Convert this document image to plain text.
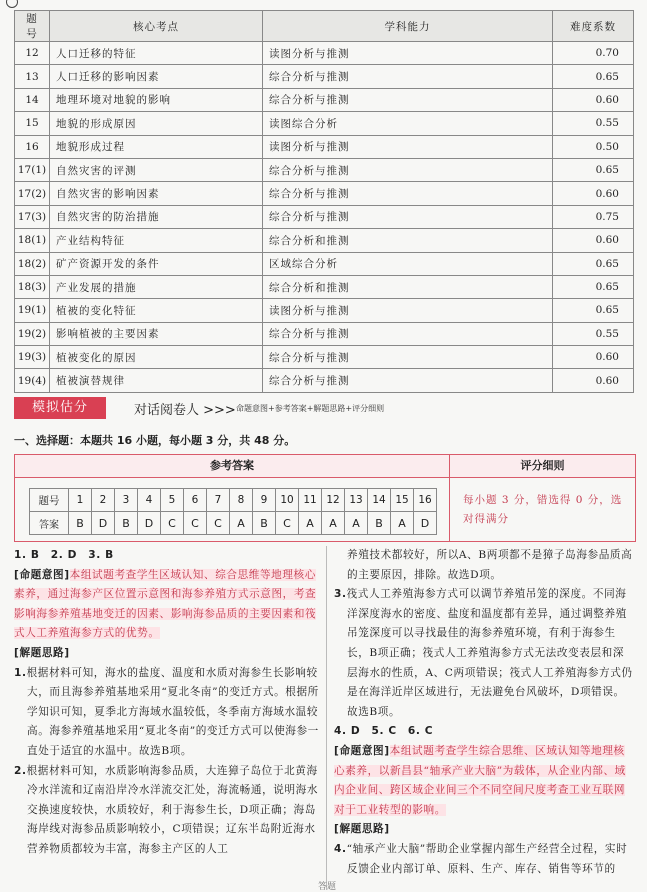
题号	核心考点	学科能力	难度系数
12	人口迁移的特征	读图分析与推测	0.70
13	人口迁移的影响因素	综合分析与推测	0.65
14	地理环境对地貌的影响	综合分析与推测	0.60
15	地貌的形成原因	读图综合分析	0.55
16	地貌形成过程	读图分析与推测	0.50
17(1)	自然灾害的评测	综合分析与推测	0.65
17(2)	自然灾害的影响因素	综合分析与推测	0.60
17(3)	自然灾害的防治措施	综合分析与推测	0.75
18(1)	产业结构特征	综合分析和推测	0.60
18(2)	矿产资源开发的条件	区域综合分析	0.65
18(3)	产业发展的措施	综合分析和推测	0.65
19(1)	植被的变化特征	读图分析与推测	0.65
19(2)	影响植被的主要因素	综合分析与推测	0.55
19(3)	植被变化的原因	综合分析与推测	0.60
19(4)	植被演替规律	综合分析与推测	0.60
模拟估分	对话阅卷人 >>> 命题意图+参考答案+解题思路+评分细则
一、选择题：本题共 16 小题，每小题 3 分，共 48 分。
参考答案	评分细则
题号	1	2	3	4	5	6	7	8	9	10	11	12	13	14	15	16
答案	B	D	B	D	C	C	C	A	B	C	A	A	A	B	A	D
每小题 3 分，错选得 0 分，选对得满分

1. B　2. D　3. B

[命题意图]本组试题考查学生区域认知、综合思维等地理核心素养，通过海参产区位置示意图和海参养殖方式示意图，考查影响海参养殖基地变迁的因素、影响海参品质的主要因素和筏式人工养殖海参方式的优势。

[解题思路]

1.根据材料可知，海水的盐度、温度和水质对海参生长影响较大，而且海参养殖基地采用“夏北冬南”的变迁方式。根据所学知识可知，夏季北方海域水温较低，冬季南方海域水温较高。海参养殖基地采用“夏北冬南”的变迁方式可以使海参一直处于适宜的水温中。故选B项。

2.根据材料可知，水质影响海参品质，大连獐子岛位于北黄海冷水洋流和辽南沿岸冷水洋流交汇处，海流畅通，说明海水交换速度较快，水质较好，利于海参生长，D项正确；海岛海岸线对海参品质影响较小，C项错误；辽东半岛附近海水营养物质都较为丰富，海参主产区的人工

养殖技术都较好，所以A、B两项都不是獐子岛海参品质高的主要原因，排除。故选D项。

3.筏式人工养殖海参方式可以调节养殖吊笼的深度。不同海洋深度海水的密度、盐度和温度都有差异，通过调整养殖吊笼深度可以寻找最佳的海参养殖环境，有利于海参生长，B项正确；筏式人工养殖海参方式无法改变表层和深层海水的性质，A、C两项错误；筏式人工养殖海参方式仍是在海洋近岸区域进行，无法避免台风破坏，D项错误。故选B项。

4. D　5. C　6. C

[命题意图]本组试题考查学生综合思维、区域认知等地理核心素养，以新昌县“轴承产业大脑”为载体，从企业内部、域内企业间、跨区域企业间三个不同空间尺度考查工业互联网对于工业转型的影响。

[解题思路]

4.“轴承产业大脑”帮助企业掌握内部生产经营全过程，实时反馈企业内部订单、原料、生产、库存、销售等环节的

答题
